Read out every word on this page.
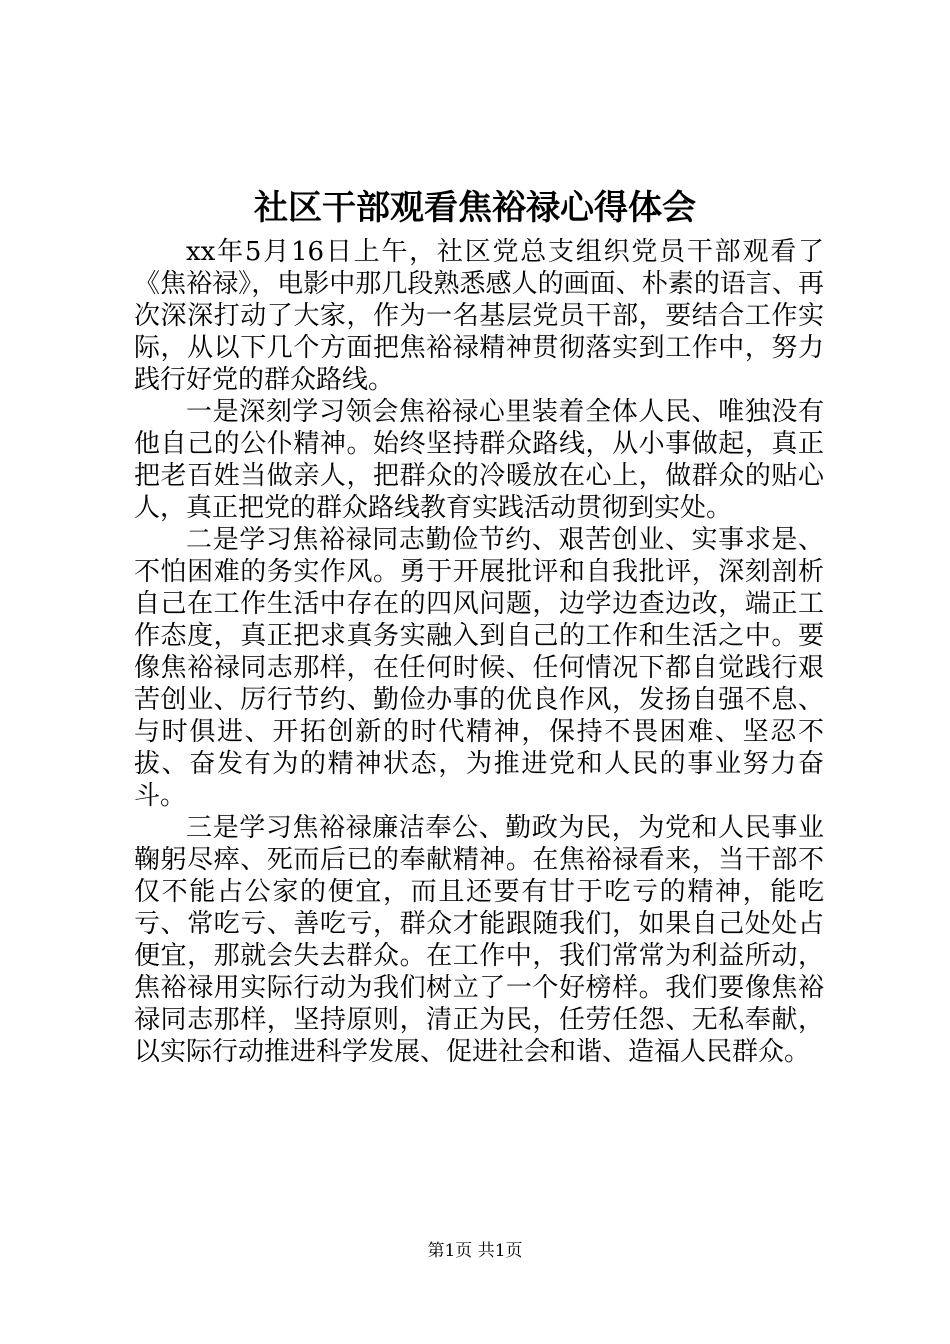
社区干部观看焦裕禄心得体会

xx年5月16日上午，社区党总支组织党员干部观看了《焦裕禄》，电影中那几段熟悉感人的画面、朴素的语言、再次深深打动了大家，作为一名基层党员干部，要结合工作实际，从以下几个方面把焦裕禄精神贯彻落实到工作中，努力践行好党的群众路线。

一是深刻学习领会焦裕禄心里装着全体人民、唯独没有他自己的公仆精神。始终坚持群众路线，从小事做起，真正把老百姓当做亲人，把群众的冷暖放在心上，做群众的贴心人，真正把党的群众路线教育实践活动贯彻到实处。

二是学习焦裕禄同志勤俭节约、艰苦创业、实事求是、不怕困难的务实作风。勇于开展批评和自我批评，深刻剖析自己在工作生活中存在的四风问题，边学边查边改，端正工作态度，真正把求真务实融入到自己的工作和生活之中。要像焦裕禄同志那样，在任何时候、任何情况下都自觉践行艰苦创业、厉行节约、勤俭办事的优良作风，发扬自强不息、与时俱进、开拓创新的时代精神，保持不畏困难、坚忍不拔、奋发有为的精神状态，为推进党和人民的事业努力奋斗。

三是学习焦裕禄廉洁奉公、勤政为民，为党和人民事业鞠躬尽瘁、死而后已的奉献精神。在焦裕禄看来，当干部不仅不能占公家的便宜，而且还要有甘于吃亏的精神，能吃亏、常吃亏、善吃亏，群众才能跟随我们，如果自己处处占便宜，那就会失去群众。在工作中，我们常常为利益所动，焦裕禄用实际行动为我们树立了一个好榜样。我们要像焦裕禄同志那样，坚持原则，清正为民，任劳任怨、无私奉献，以实际行动推进科学发展、促进社会和谐、造福人民群众。

第1页 共1页
